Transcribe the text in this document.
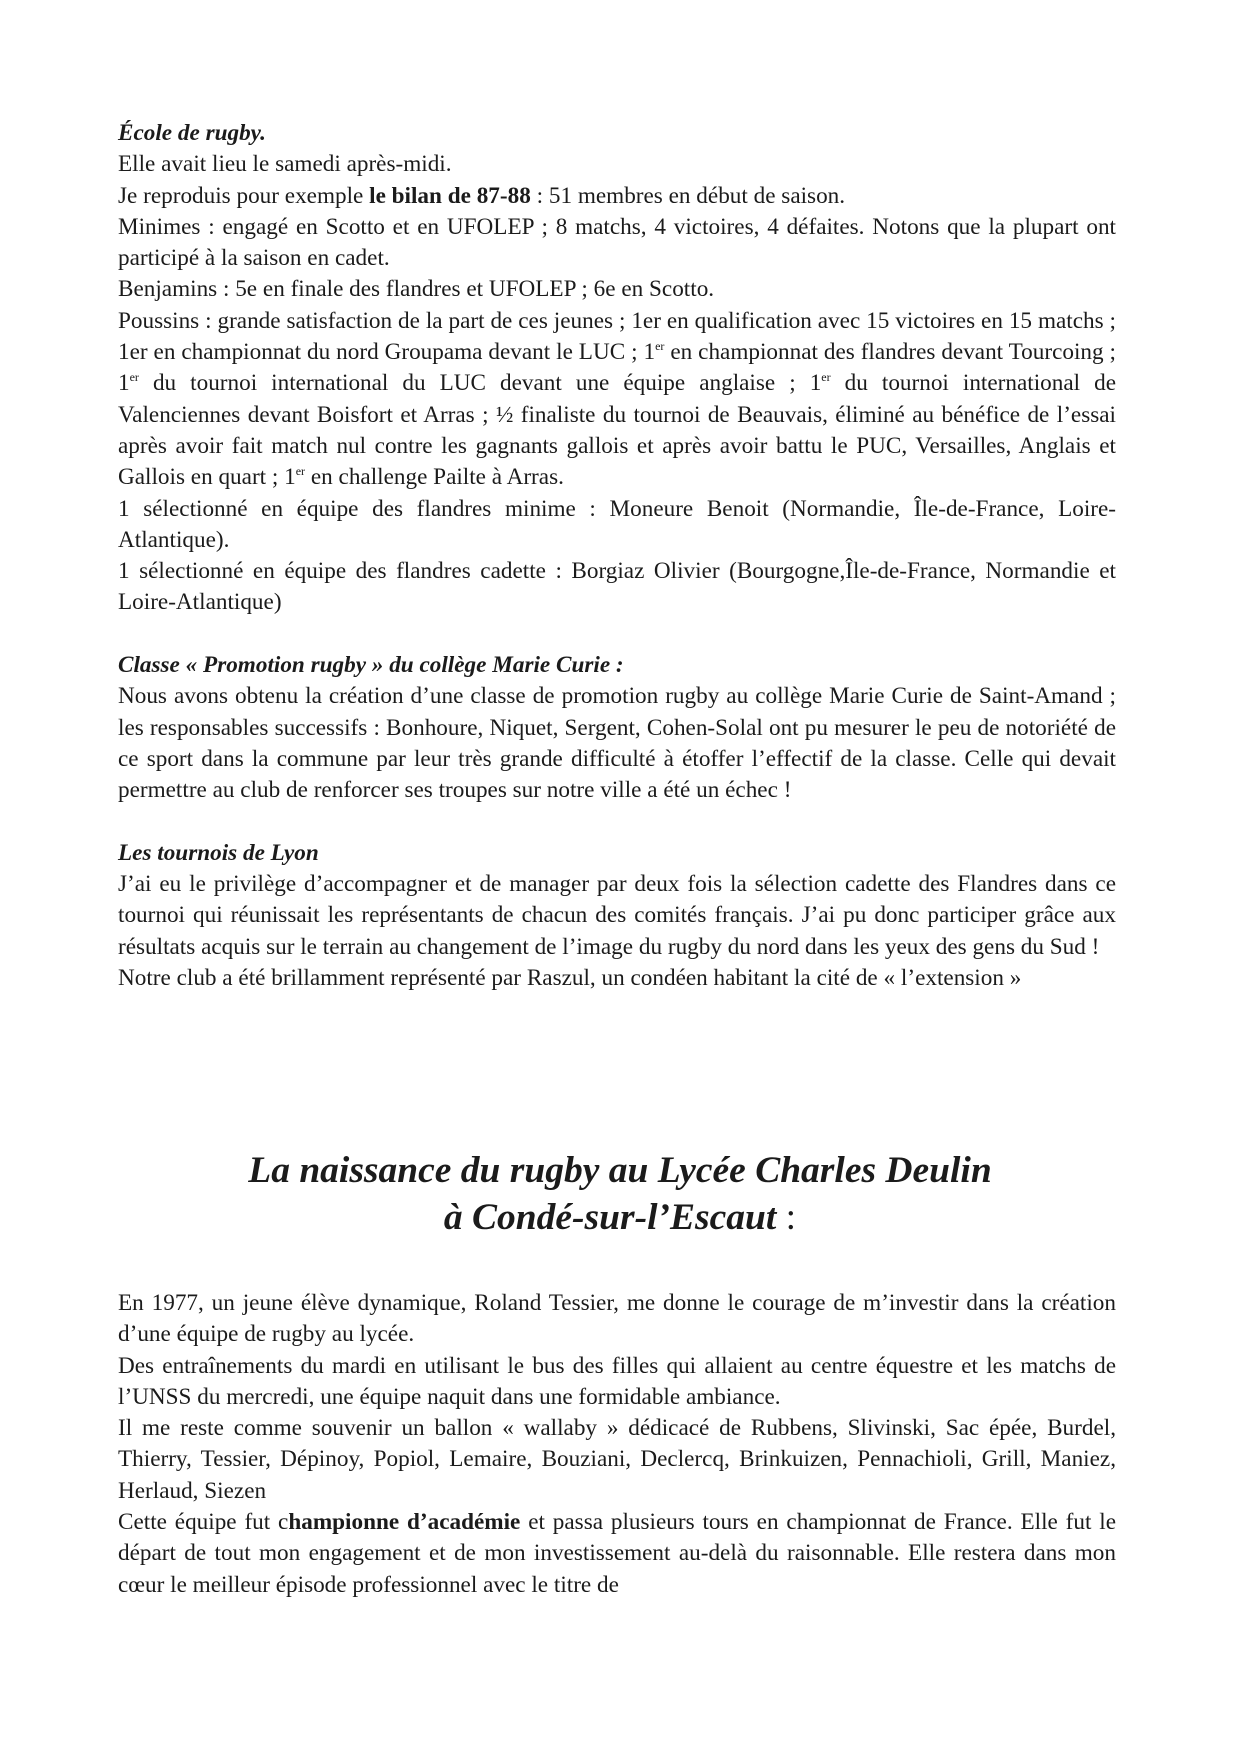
École de rugby.

Elle avait lieu le samedi après-midi.

Je reproduis pour exemple le bilan de 87-88 : 51 membres en début de saison.

Minimes : engagé en Scotto et en UFOLEP ; 8 matchs, 4 victoires, 4 défaites. Notons que la plupart ont participé à la saison en cadet.

Benjamins : 5e en finale des flandres et UFOLEP ; 6e en Scotto.

Poussins : grande satisfaction de la part de ces jeunes ; 1er en qualification avec 15 victoires en 15 matchs ; 1er en championnat du nord Groupama devant le LUC ; 1er en championnat des flandres devant Tourcoing ; 1er du tournoi international du LUC devant une équipe anglaise ; 1er du tournoi international de Valenciennes devant Boisfort et Arras ; ½ finaliste du tournoi de Beauvais, éliminé au bénéfice de l’essai après avoir fait match nul contre les gagnants gallois et après avoir battu le PUC, Versailles, Anglais et Gallois en quart ; 1er en challenge Pailte à Arras.

1 sélectionné en équipe des flandres minime : Moneure Benoit (Normandie, Île-de-France, Loire-Atlantique).

1 sélectionné en équipe des flandres cadette : Borgiaz Olivier (Bourgogne,Île-de-France, Normandie et Loire-Atlantique)

Classe « Promotion rugby » du collège Marie Curie :

Nous avons obtenu la création d’une classe de promotion rugby au collège Marie Curie de Saint-Amand ; les responsables successifs : Bonhoure, Niquet, Sergent, Cohen-Solal ont pu mesurer le peu de notoriété de ce sport dans la commune par leur très grande difficulté à étoffer l’effectif de la classe. Celle qui devait permettre au club de renforcer ses troupes sur notre ville a été un échec !

Les tournois de Lyon

J’ai eu le privilège d’accompagner et de manager par deux fois la sélection cadette des Flandres dans ce tournoi qui réunissait les représentants de chacun des comités français. J’ai pu donc participer grâce aux résultats acquis sur le terrain au changement de l’image du rugby du nord dans les yeux des gens du Sud !

Notre club a été brillamment représenté par Raszul, un condéen habitant la cité de « l’extension »

La naissance du rugby au Lycée Charles Deulin
à Condé-sur-l’Escaut :

En 1977, un jeune élève dynamique, Roland Tessier, me donne le courage de m’investir dans la création d’une équipe de rugby au lycée.

Des entraînements du mardi en utilisant le bus des filles qui allaient au centre équestre et les matchs de l’UNSS du mercredi, une équipe naquit dans une formidable ambiance.

Il me reste comme souvenir un ballon « wallaby » dédicacé de Rubbens, Slivinski, Sac épée, Burdel, Thierry, Tessier, Dépinoy, Popiol, Lemaire, Bouziani, Declercq, Brinkuizen, Pennachioli, Grill, Maniez, Herlaud, Siezen

Cette équipe fut championne d’académie et passa plusieurs tours en championnat de France. Elle fut le départ de tout mon engagement et de mon investissement au-delà du raisonnable. Elle restera dans mon cœur le meilleur épisode professionnel avec le titre de
